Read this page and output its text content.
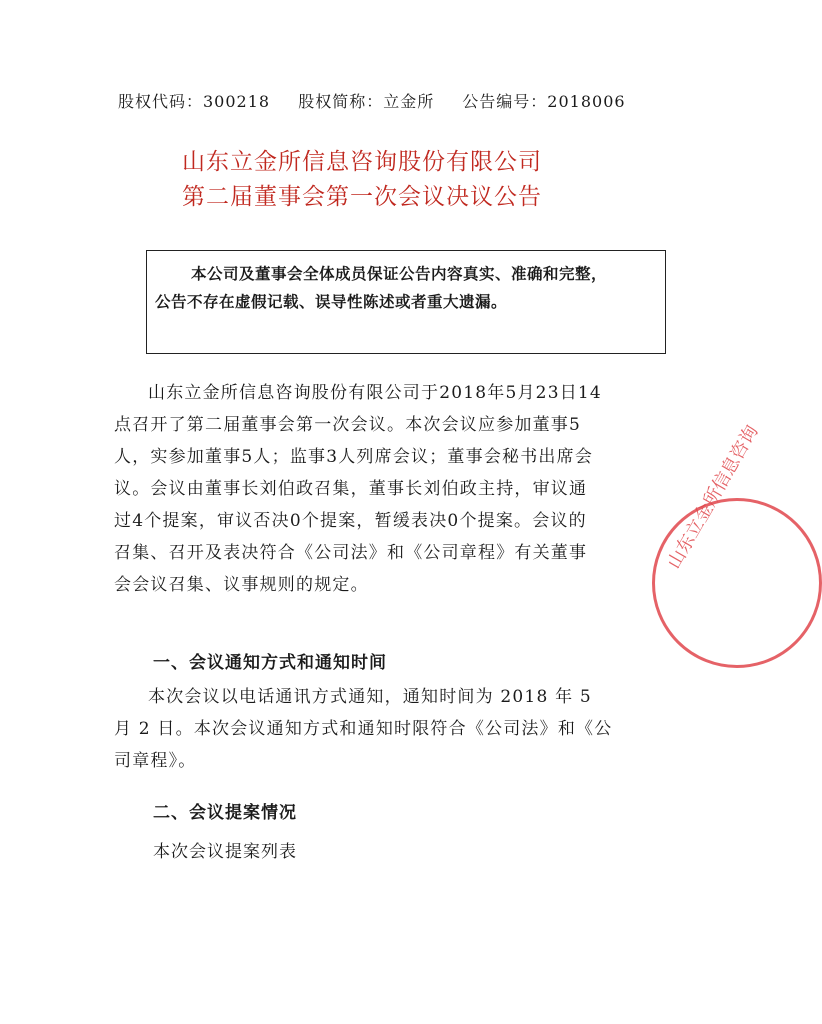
股权代码：300218 股权简称：立金所 公告编号：2018006
山东立金所信息咨询股份有限公司
第二届董事会第一次会议决议公告
本公司及董事会全体成员保证公告内容真实、准确和完整，
公告不存在虚假记载、误导性陈述或者重大遗漏。
山东立金所信息咨询股份有限公司于2018年5月23日14
点召开了第二届董事会第一次会议。本次会议应参加董事5
人，实参加董事5人；监事3人列席会议；董事会秘书出席会
议。会议由董事长刘伯政召集，董事长刘伯政主持，审议通
过4个提案，审议否决0个提案，暂缓表决0个提案。会议的
召集、召开及表决符合《公司法》和《公司章程》有关董事
会会议召集、议事规则的规定。
一、会议通知方式和通知时间
本次会议以电话通讯方式通知，通知时间为 2018 年 5
月 2 日。本次会议通知方式和通知时限符合《公司法》和《公
司章程》。
二、会议提案情况
本次会议提案列表
山东立金所信息咨询
